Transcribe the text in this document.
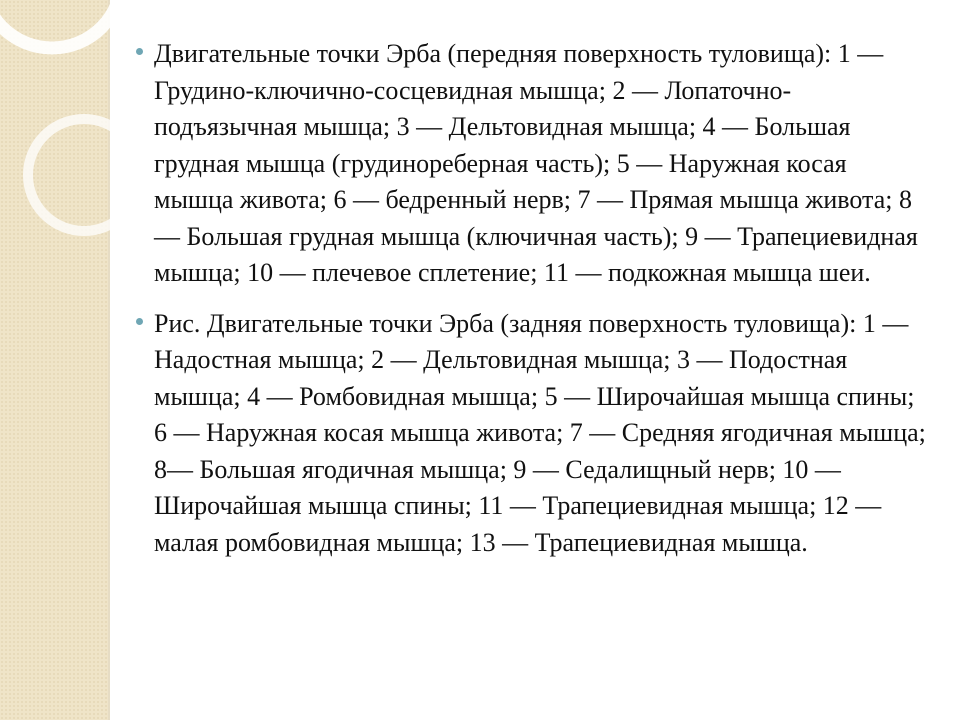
Двигательные точки Эрба (передняя поверхность туловища): 1 — Грудино-ключично-сосцевидная мышца; 2 — Лопаточно-подъязычная мышца; 3 — Дельтовидная мышца; 4 — Большая грудная мышца (грудинореберная часть); 5 — Наружная косая мышца живота; 6 — бедренный нерв; 7 — Прямая мышца живота; 8 — Большая грудная мышца (ключичная часть); 9 — Трапециевидная мышца; 10 — плечевое сплетение; 11 — подкожная мышца шеи.

Рис. Двигательные точки Эрба (задняя поверхность туловища): 1 — Надостная мышца; 2 — Дельтовидная мышца; 3 — Подостная мышца; 4 — Ромбовидная мышца; 5 — Широчайшая мышца спины; 6 — Наружная косая мышца живота; 7 — Средняя ягодичная мышца; 8— Большая ягодичная мышца; 9 — Седалищный нерв; 10 — Широчайшая мышца спины; 11 — Трапециевидная мышца; 12 — малая ромбовидная мышца; 13 — Трапециевидная мышца.
